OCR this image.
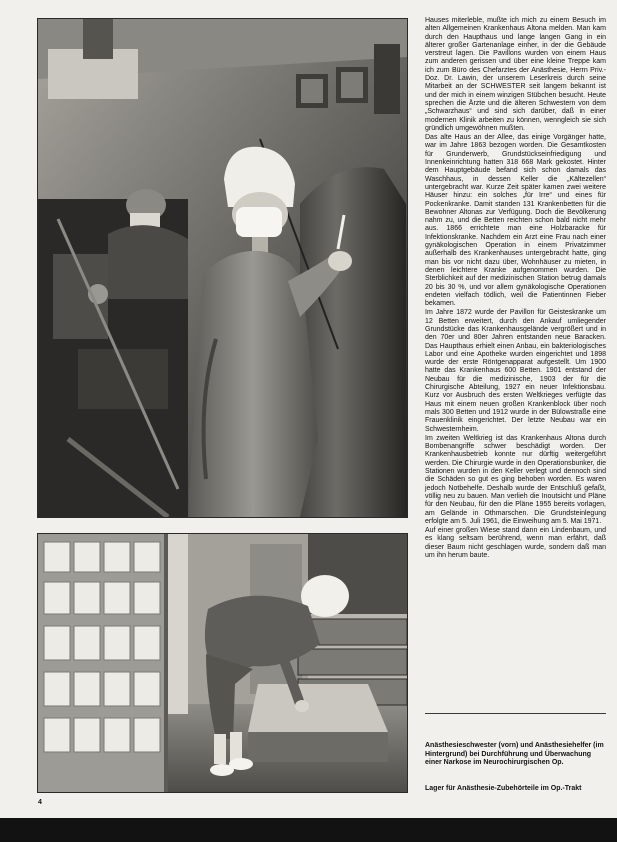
Hauses miterleble, mußte ich mich zu einem Besuch im alten Allgemeinen Krankenhaus Altona melden. Man kam durch den Haupthaus und lange langen Gang in ein älterer großer Gartenanlage einher, in der die Gebäude verstreut lagen. Die Pavillons wurden von einem Haus zum anderen gerissen und über eine kleine Treppe kam ich zum Büro des Chefarztes der Anästhesie, Herrn Priv.-Doz. Dr. Lawin, der unserem Leserkreis durch seine Mitarbeit an der SCHWESTER seit langem bekannt ist und der mich in einem winzigen Stübchen besucht. Heute sprechen die Ärzte und die älteren Schwestern von dem „Schwarzhaus“ und sind sich darüber, daß in einer modernen Klinik arbeiten zu können, wenngleich sie sich gründlich umgewöhnen mußten.

Das alte Haus an der Allee, das einige Vorgänger hatte, war im Jahre 1863 bezogen worden. Die Gesamtkosten für Grunderwerb, Grundstückseinfriedigung und Innenkeinrichtung hatten 318 668 Mark gekostet. Hinter dem Hauptgebäude befand sich schon damals das Waschhaus, in dessen Keller die „Kältezellen“ untergebracht war. Kurze Zeit später kamen zwei weitere Häuser hinzu: ein solches „für Irre“ und eines für Pockenkranke. Damit standen 131 Krankenbetten für die Bewohner Altonas zur Verfügung. Doch die Bevölkerung nahm zu, und die Betten reichten schon bald nicht mehr aus. 1866 errichtete man eine Holzbaracke für Infektionskranke. Nachdem ein Arzt eine Frau nach einer gynäkologischen Operation in einem Privatzimmer außerhalb des Krankenhauses untergebracht hatte, ging man bis vor nicht dazu über, Wohnhäuser zu mieten, in denen leichtere Kranke aufgenommen wurden. Die Sterblichkeit auf der medizinischen Station betrug damals 20 bis 30 %, und vor allem gynäkologische Operationen endeten vielfach tödlich, weil die Patientinnen Fieber bekamen.

Im Jahre 1872 wurde der Pavillon für Geisteskranke um 12 Betten erweitert, durch den Ankauf umliegender Grundstücke das Krankenhausgelände vergrößert und in den 70er und 80er Jahren entstanden neue Baracken. Das Haupthaus erhielt einen Anbau, ein bakteriologisches Labor und eine Apotheke wurden eingerichtet und 1898 wurde der erste Röntgenapparat aufgestellt. Um 1900 hatte das Krankenhaus 600 Betten. 1901 entstand der Neubau für die medizinische, 1903 der für die Chirurgische Abteilung, 1927 ein neuer Infektionsbau. Kurz vor Ausbruch des ersten Weltkrieges verfügte das Haus mit einem neuen großen Krankenblock über noch mals 300 Betten und 1912 wurde in der Bülowstraße eine Frauenklinik eingerichtet. Der letzte Neubau war ein Schwesternheim.

Im zweiten Weltkrieg ist das Krankenhaus Altona durch Bombenangriffe schwer beschädigt worden. Der Krankenhausbetrieb konnte nur dürftig weitergeführt werden. Die Chirurgie wurde in den Operationsbunker, die Stationen wurden in den Keller verlegt und dennoch sind die Schäden so gut es ging behoben worden. Es waren jedoch Notbehelfe. Deshalb wurde der Entschluß gefaßt, völlig neu zu bauen. Man verlieh die Inoutsicht und Pläne für den Neubau, für den die Pläne 1955 bereits vorlagen, am Gelände in Othmarschen. Die Grundsteinlegung erfolgte am 5. Juli 1961, die Einweihung am 5. Mai 1971.

Auf einer großen Wiese stand dann ein Lindenbaum, und es klang seltsam berührend, wenn man erfährt, daß dieser Baum nicht geschlagen wurde, sondern daß man um ihn herum baute.

Anästhesieschwester (vorn) und Anästhesiehelfer (im Hintergrund) bei Durchführung und Überwachung einer Narkose im Neurochirurgischen Op.
Lager für Anästhesie-Zubehörteile im Op.-Trakt
4
